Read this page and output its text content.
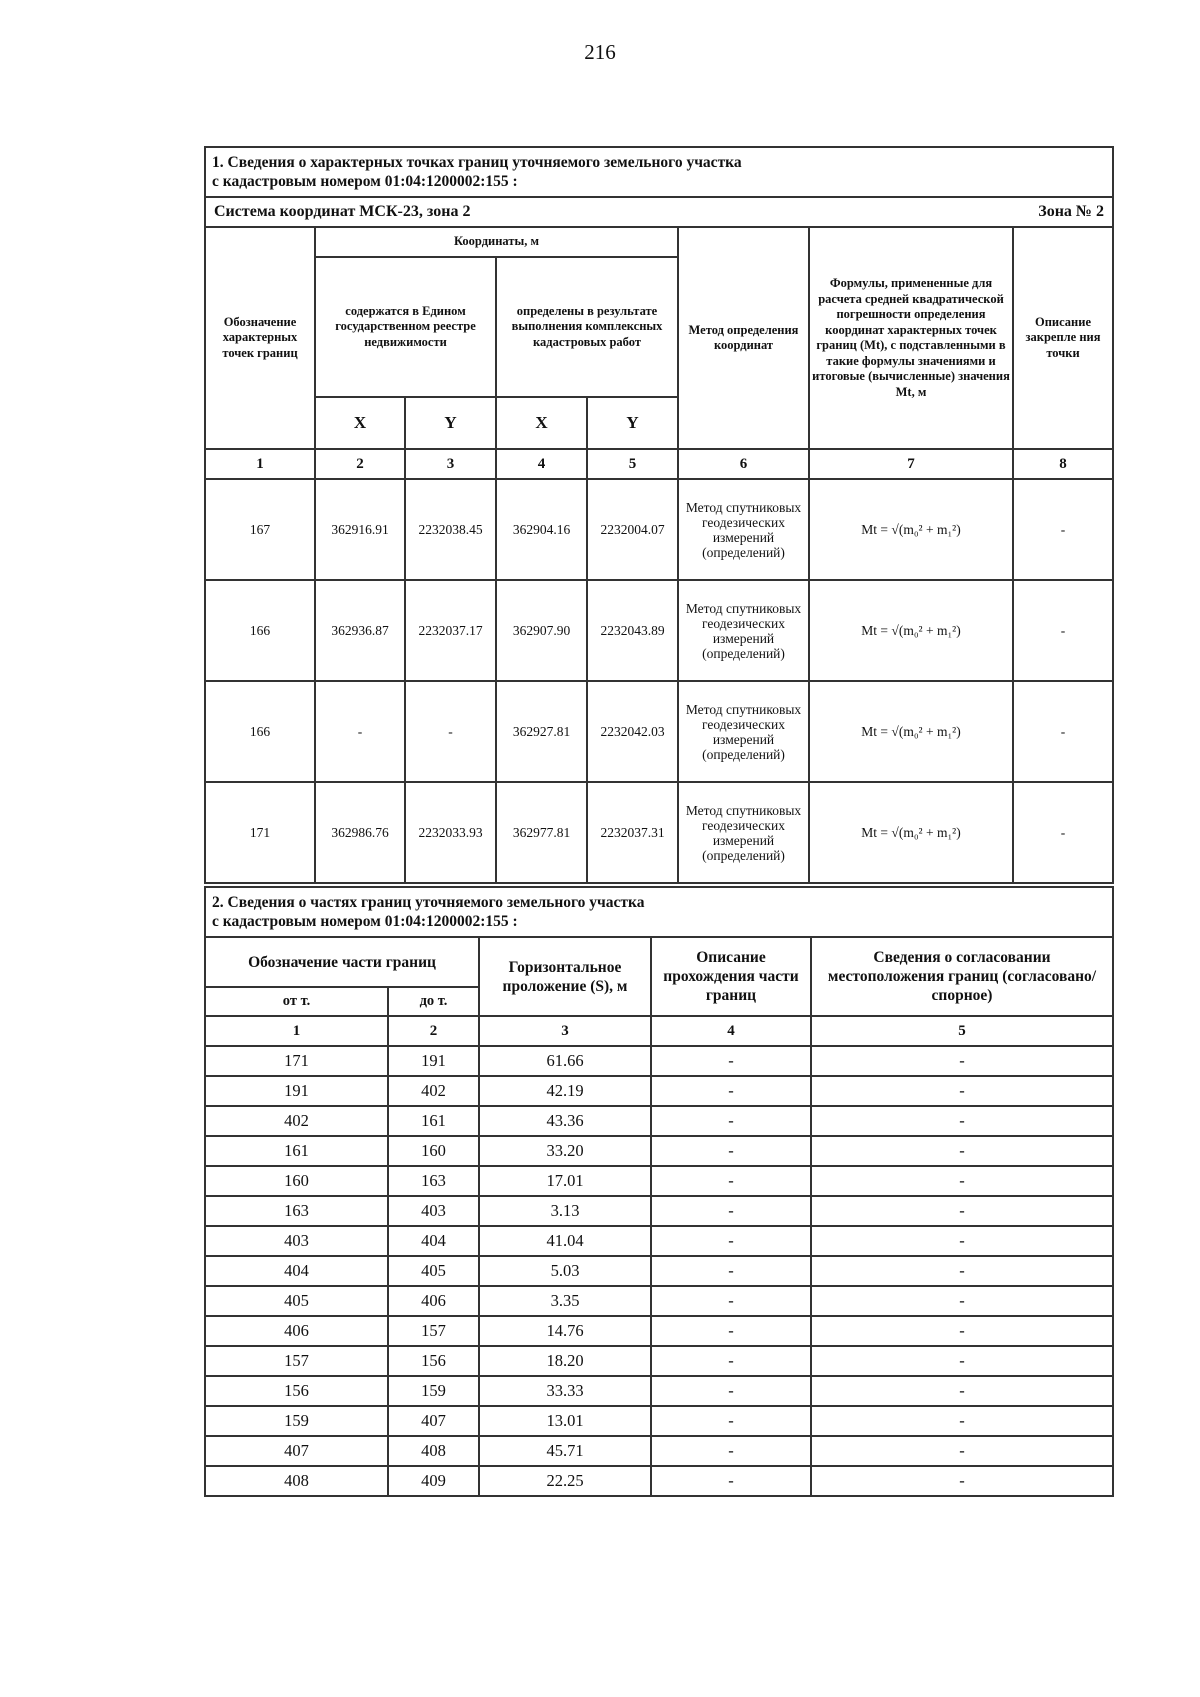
216
1. Сведения о характерных точках границ уточняемого земельного участка
с кадастровым номером 01:04:1200002:155 :							

Система координат МСК-23, зона 2 Зона № 2							

Обозначение характерных точек границ	Координаты, м				Метод определения координат	Формулы, примененные для расчета средней квадратической погрешности определения координат характерных точек границ (Mt), с подставленными в такие формулы значениями и итоговые (вычисленные) значения Mt, м	Описание закрепле ния точки
	содержатся в Едином государственном реестре недвижимости		определены в результате выполнения комплексных кадастровых работ				
	X	Y	X	Y			
1	2	3	4	5	6	7	8
167	362916.91	2232038.45	362904.16	2232004.07	Метод спутниковых геодезических измерений (определений)	Mt = √(m₀² + m₁²)	-
166	362936.87	2232037.17	362907.90	2232043.89	Метод спутниковых геодезических измерений (определений)	Mt = √(m₀² + m₁²)	-
166	-	-	362927.81	2232042.03	Метод спутниковых геодезических измерений (определений)	Mt = √(m₀² + m₁²)	-
171	362986.76	2232033.93	362977.81	2232037.31	Метод спутниковых геодезических измерений (определений)	Mt = √(m₀² + m₁²)	-
2. Сведения о частях границ уточняемого земельного участка
с кадастровым номером 01:04:1200002:155 :				

Обозначение части границ		Горизонтальное проложение (S), м	Описание прохождения части границ	Сведения о согласовании местоположения границ (согласовано/спорное)
от т.	до т.			
1	2	3	4	5
171	191	61.66	-	-
191	402	42.19	-	-
402	161	43.36	-	-
161	160	33.20	-	-
160	163	17.01	-	-
163	403	3.13	-	-
403	404	41.04	-	-
404	405	5.03	-	-
405	406	3.35	-	-
406	157	14.76	-	-
157	156	18.20	-	-
156	159	33.33	-	-
159	407	13.01	-	-
407	408	45.71	-	-
408	409	22.25	-	-
